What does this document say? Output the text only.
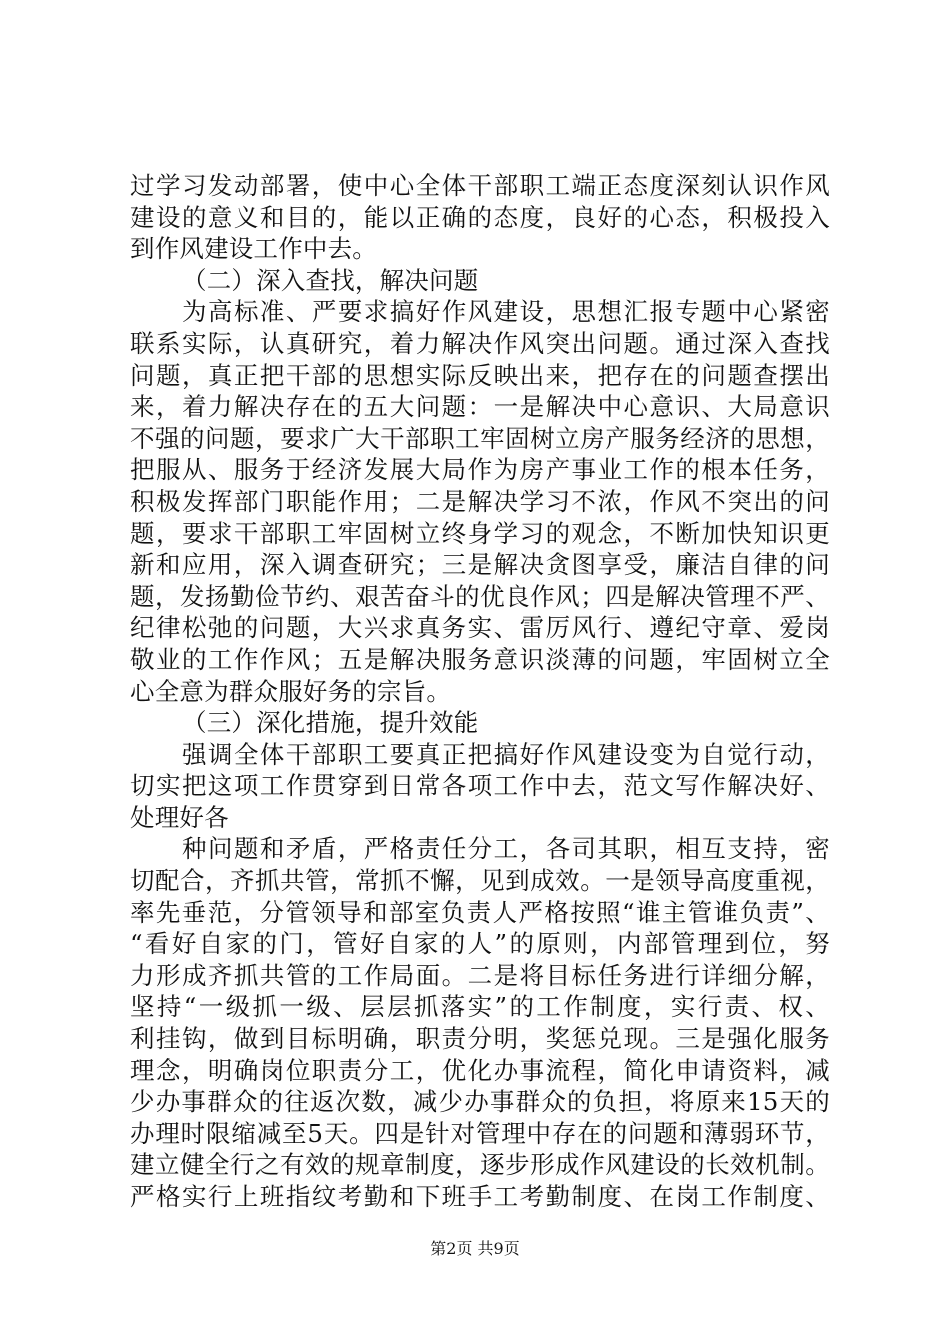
过学习发动部署，使中心全体干部职工端正态度深刻认识作风
建设的意义和目的，能以正确的态度，良好的心态，积极投入
到作风建设工作中去。
（二）深入查找，解决问题
为高标准、严要求搞好作风建设，思想汇报专题中心紧密
联系实际，认真研究，着力解决作风突出问题。通过深入查找
问题，真正把干部的思想实际反映出来，把存在的问题查摆出
来，着力解决存在的五大问题：一是解决中心意识、大局意识
不强的问题，要求广大干部职工牢固树立房产服务经济的思想，
把服从、服务于经济发展大局作为房产事业工作的根本任务，
积极发挥部门职能作用；二是解决学习不浓，作风不突出的问
题，要求干部职工牢固树立终身学习的观念，不断加快知识更
新和应用，深入调查研究；三是解决贪图享受，廉洁自律的问
题，发扬勤俭节约、艰苦奋斗的优良作风；四是解决管理不严、
纪律松弛的问题，大兴求真务实、雷厉风行、遵纪守章、爱岗
敬业的工作作风；五是解决服务意识淡薄的问题，牢固树立全
心全意为群众服好务的宗旨。
（三）深化措施，提升效能
强调全体干部职工要真正把搞好作风建设变为自觉行动，
切实把这项工作贯穿到日常各项工作中去，范文写作解决好、
处理好各
种问题和矛盾，严格责任分工，各司其职，相互支持，密
切配合，齐抓共管，常抓不懈，见到成效。一是领导高度重视，
率先垂范，分管领导和部室负责人严格按照“谁主管谁负责”、
“看好自家的门，管好自家的人”的原则，内部管理到位，努
力形成齐抓共管的工作局面。二是将目标任务进行详细分解，
坚持“一级抓一级、层层抓落实”的工作制度，实行责、权、
利挂钩，做到目标明确，职责分明，奖惩兑现。三是强化服务
理念，明确岗位职责分工，优化办事流程，简化申请资料，减
少办事群众的往返次数，减少办事群众的负担，将原来15天的
办理时限缩减至5天。四是针对管理中存在的问题和薄弱环节，
建立健全行之有效的规章制度，逐步形成作风建设的长效机制。
严格实行上班指纹考勤和下班手工考勤制度、在岗工作制度、
第2页 共9页
